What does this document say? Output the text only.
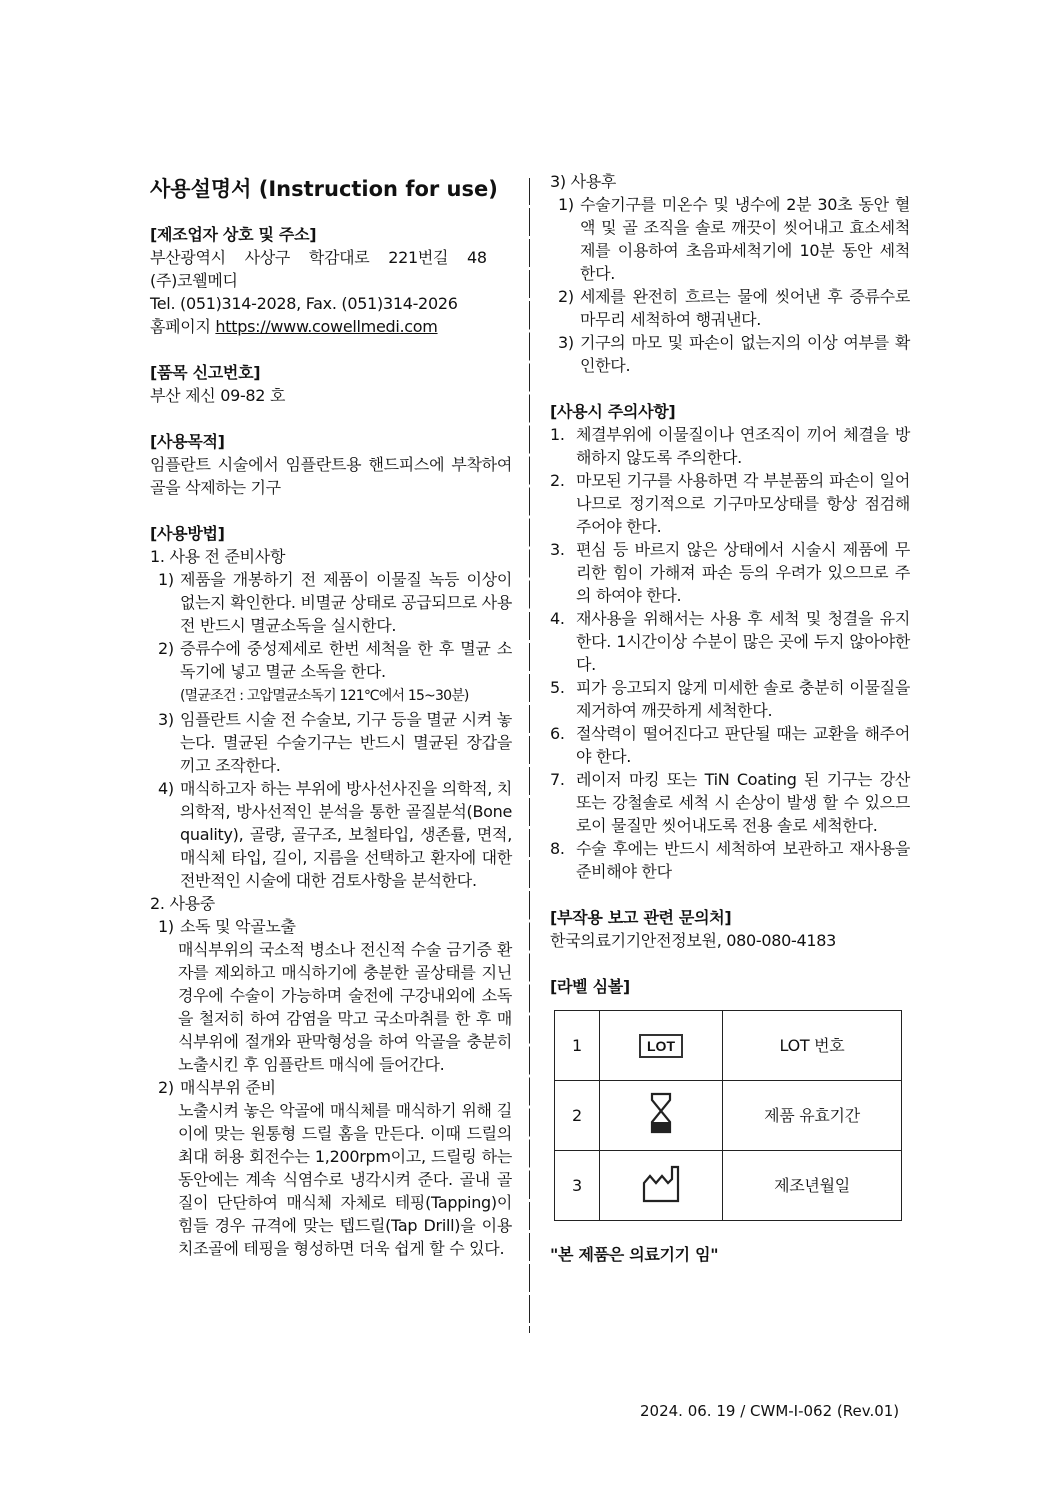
사용설명서 (Instruction for use)

[제조업자 상호 및 주소]

부산광역시 사상구 학감대로 221번길 48

(주)코웰메디

Tel. (051)314-2028, Fax. (051)314-2026

홈페이지 https://www.cowellmedi.com

[품목 신고번호]

부산 제신 09-82 호

[사용목적]

임플란트 시술에서 임플란트용 핸드피스에 부착하여 골을 삭제하는 기구

[사용방법]

1. 사용 전 준비사항

1) 제품을 개봉하기 전 제품이 이물질 녹등 이상이 없는지 확인한다. 비멸균 상태로 공급되므로 사용 전 반드시 멸균소독을 실시한다.
2) 증류수에 중성제세로 한번 세척을 한 후 멸균 소독기에 넣고 멸균 소독을 한다.
(멸균조건 : 고압멸균소독기 121℃에서 15~30분)
3) 임플란트 시술 전 수술보, 기구 등을 멸균 시켜 놓는다. 멸균된 수술기구는 반드시 멸균된 장갑을 끼고 조작한다.
4) 매식하고자 하는 부위에 방사선사진을 의학적, 치의학적, 방사선적인 분석을 통한 골질분석(Bone quality), 골량, 골구조, 보철타입, 생존률, 면적, 매식체 타입, 길이, 지름을 선택하고 환자에 대한 전반적인 시술에 대한 검토사항을 분석한다.

2. 사용중

1) 소독 및 악골노출

매식부위의 국소적 병소나 전신적 수술 금기증 환자를 제외하고 매식하기에 충분한 골상태를 지닌 경우에 수술이 가능하며 술전에 구강내외에 소독을 철저히 하여 감염을 막고 국소마취를 한 후 매식부위에 절개와 판막형성을 하여 악골을 충분히 노출시킨 후 임플란트 매식에 들어간다.

2) 매식부위 준비

노출시켜 놓은 악골에 매식체를 매식하기 위해 길이에 맞는 원통형 드릴 홈을 만든다. 이때 드릴의 최대 허용 회전수는 1,200rpm이고, 드릴링 하는 동안에는 계속 식염수로 냉각시켜 준다. 골내 골질이 단단하여 매식체 자체로 테핑(Tapping)이 힘들 경우 규격에 맞는 텝드릴(Tap Drill)을 이용 치조골에 테핑을 형성하면 더욱 쉽게 할 수 있다.

3) 사용후

1) 수술기구를 미온수 및 냉수에 2분 30초 동안 혈액 및 골 조직을 솔로 깨끗이 씻어내고 효소세척제를 이용하여 초음파세척기에 10분 동안 세척한다.
2) 세제를 완전히 흐르는 물에 씻어낸 후 증류수로 마무리 세척하여 행궈낸다.
3) 기구의 마모 및 파손이 없는지의 이상 여부를 확인한다.

[사용시 주의사항]

1. 체결부위에 이물질이나 연조직이 끼어 체결을 방해하지 않도록 주의한다.
2. 마모된 기구를 사용하면 각 부분품의 파손이 일어나므로 정기적으로 기구마모상태를 항상 점검해주어야 한다.
3. 편심 등 바르지 않은 상태에서 시술시 제품에 무리한 힘이 가해져 파손 등의 우려가 있으므로 주의 하여야 한다.
4. 재사용을 위해서는 사용 후 세척 및 청결을 유지한다. 1시간이상 수분이 많은 곳에 두지 않아야한다.
5. 피가 응고되지 않게 미세한 솔로 충분히 이물질을 제거하여 깨끗하게 세척한다.
6. 절삭력이 떨어진다고 판단될 때는 교환을 해주어야 한다.
7. 레이저 마킹 또는 TiN Coating 된 기구는 강산 또는 강철솔로 세척 시 손상이 발생 할 수 있으므로이 물질만 씻어내도록 전용 솔로 세척한다.
8. 수술 후에는 반드시 세척하여 보관하고 재사용을 준비해야 한다

[부작용 보고 관련 문의처]

한국의료기기안전정보원, 080-080-4183

[라벨 심볼]

1	LOT	LOT 번호
2		제품 유효기간
3		제조년월일

"본 제품은 의료기기 임"

2024. 06. 19 / CWM-I-062 (Rev.01)
